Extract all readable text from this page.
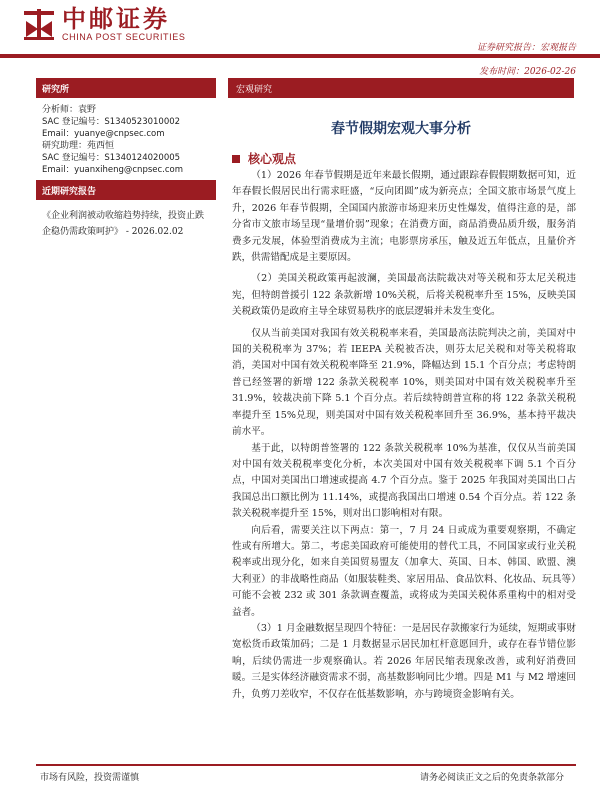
中邮证券
CHINA POST SECURITIES
证券研究报告：宏观报告
发布时间：2026-02-26
研究所
分析师：袁野
SAC 登记编号：S1340523010002
Email：yuanye@cnpsec.com
研究助理：苑西恒
SAC 登记编号：S1340124020005
Email：yuanxiheng@cnpsec.com
近期研究报告
《企业利润被动收缩趋势持续，投资止跌企稳仍需政策呵护》 - 2026.02.02
宏观研究
春节假期宏观大事分析
核心观点

（1）2026 年春节假期是近年来最长假期，通过跟踪春假假期数据可知，近年春假长假居民出行需求旺盛，“反向团圆”成为新亮点；全国文旅市场景气度上升，2026 年春节假期，全国国内旅游市场迎来历史性爆发，值得注意的是，部分省市文旅市场呈现“量增价弱”现象；在消费方面，商品消费品质升级，服务消费多元发展，体验型消费成为主流；电影票房承压，触及近五年低点，且量价齐跌，供需错配成是主要原因。

（2）美国关税政策再起波澜，美国最高法院裁决对等关税和芬太尼关税违宪，但特朗普援引 122 条款新增 10%关税，后将关税税率升至 15%，反映美国关税政策仍是政府主导全球贸易秩序的底层逻辑并未发生变化。

仅从当前美国对我国有效关税税率来看，美国最高法院判决之前，美国对中国的关税税率为 37%；若 IEEPA 关税被否决，则芬太尼关税和对等关税将取消，美国对中国有效关税税率降至 21.9%，降幅达到 15.1 个百分点；考虑特朗普已经签署的新增 122 条款关税税率 10%，则美国对中国有效关税税率升至 31.9%，较裁决前下降 5.1 个百分点。若后续特朗普宣称的将 122 条款关税税率提升至 15%兑现，则美国对中国有效关税税率回升至 36.9%，基本持平裁决前水平。

基于此，以特朗普签署的 122 条款关税税率 10%为基准，仅仅从当前美国对中国有效关税税率变化分析，本次美国对中国有效关税税率下调 5.1 个百分点，中国对美国出口增速或提高 4.7 个百分点。鉴于 2025 年我国对美国出口占我国总出口额比例为 11.14%，或提高我国出口增速 0.54 个百分点。若 122 条款关税税率提升至 15%，则对出口影响相对有限。

向后看，需要关注以下两点：第一，7 月 24 日或成为重要观察期，不确定性或有所增大。第二，考虑美国政府可能使用的替代工具，不同国家或行业关税税率或出现分化，如来自美国贸易盟友（加拿大、英国、日本、韩国、欧盟、澳大利亚）的非战略性商品（如服装鞋类、家居用品、食品饮料、化妆品、玩具等）可能不会被 232 或 301 条款调查覆盖，或将成为美国关税体系重构中的相对受益者。

（3）1 月金融数据呈现四个特征：一是居民存款搬家行为延续，短期或事财宽松货币政策加码；二是 1 月数据显示居民加杠杆意愿回升，或存在春节错位影响，后续仍需进一步观察确认。若 2026 年居民缩表现象改善，或利好消费回暖。三是实体经济融资需求不弱，高基数影响同比少增。四是 M1 与 M2 增速回升，负剪刀差收窄，不仅存在低基数影响，亦与跨境资金影响有关。

市场有风险，投资需谨慎	请务必阅读正文之后的免责条款部分
